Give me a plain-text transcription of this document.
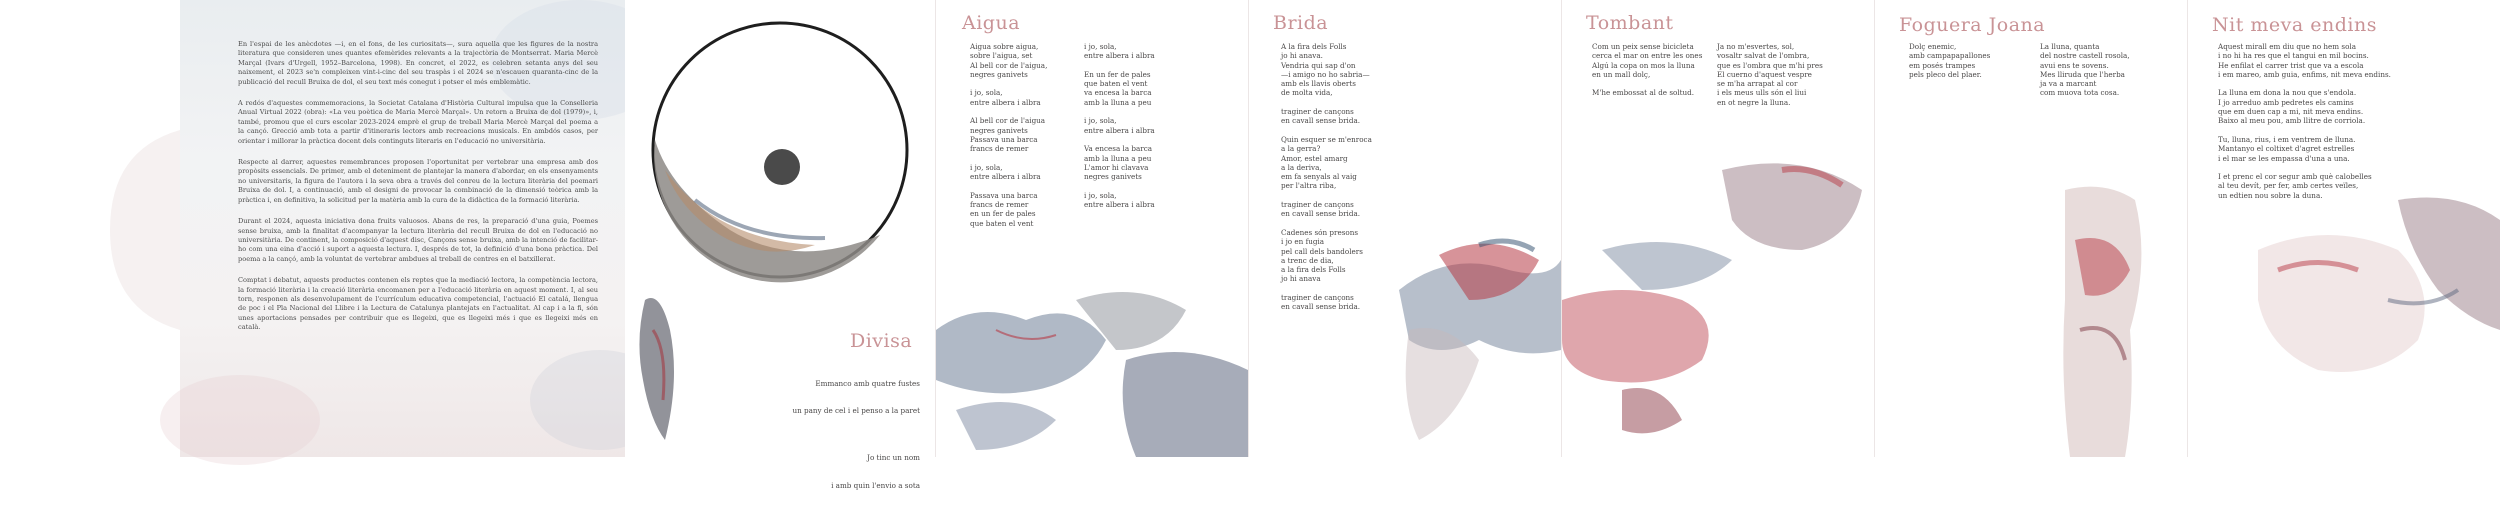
En l'espai de les anècdotes —i, en el fons, de les curiositats—, sura aquella que les figures de la nostra literatura que consideren unes quantes efemèrides relevants a la trajectòria de Montserrat. Maria Mercè Marçal (Ivars d'Urgell, 1952–Barcelona, 1998). En concret, el 2022, es celebren setanta anys del seu naixement, el 2023 se'n compleixen vint-i-cinc del seu traspàs i el 2024 se n'escauen quaranta-cinc de la publicació del recull Bruixa de dol, el seu text més conegut i potser el més emblemàtic.

A redós d'aquestes commemoracions, la Societat Catalana d'Història Cultural impulsa que la Conselleria Anual Virtual 2022 (obra): «La veu poètica de Maria Mercè Marçal». Un retorn a Bruixa de dol (1979)», i, també, promou que el curs escolar 2023-2024 emprè el grup de treball Maria Mercè Marçal del poema a la cançó. Grecció amb tota a partir d'itineraris lectors amb recreacions musicals. En ambdós casos, per orientar i millorar la pràctica docent dels continguts literaris en l'educació no universitària.

Respecte al darrer, aquestes remembrances proposen l'oportunitat per vertebrar una empresa amb dos propòsits essencials. De primer, amb el deteniment de plantejar la manera d'abordar, en els ensenyaments no universitaris, la figura de l'autora i la seva obra a través del conreu de la lectura literària del poemari Bruixa de dol. I, a continuació, amb el designi de provocar la combinació de la dimensió teòrica amb la pràctica i, en definitiva, la solicitud per la matèria amb la cura de la didàctica de la formació literària.

Durant el 2024, aquesta iniciativa dona fruits valuosos. Abans de res, la preparació d'una guia, Poemes sense bruixa, amb la finalitat d'acompanyar la lectura literària del recull Bruixa de dol en l'educació no universitària. De continent, la composició d'aquest disc, Cançons sense bruixa, amb la intenció de facilitar-ho com una eina d'acció i suport a aquesta lectura. I, després de tot, la definició d'una bona pràctica. Del poema a la cançó, amb la voluntat de vertebrar ambdues al treball de centres en el batxillerat.

Comptat i debatut, aquests productes contenen els reptes que la mediació lectora, la competència lectora, la formació literària i la creació literària encomanen per a l'educació literària en aquest moment. I, al seu torn, responen als desenvolupament de l'currículum educativa competencial, l'actuació El catalá, llengua de poc i el Pla Nacional del Llibre i la Lectura de Catalunya plantejats en l'actualitat. Al cap i a la fi, són unes aportacions pensades per contribuir que es llegeixi, que es llegeixi més i que es llegeixi més en català.

Divisa

Emmanco amb quatre fustes

un pany de cel i el penso a la paret

Jo tinc un nom

i amb quin l'envio a sota

Aigua
Aigua sobre aigua,
sobre l'aigua, set
Al bell cor de l'aigua,
negres ganivets

i jo, sola,
entre albera i albra

Al bell cor de l'aigua
negres ganivets
Passava una barca
francs de remer

i jo, sola,
entre albera i albra

Passava una barca
francs de remer
en un fer de pales
que baten el vent
i jo, sola,
entre albera i albra

En un fer de pales
que baten el vent
va encesa la barca
amb la lluna a peu

i jo, sola,
entre albera i albra

Va encesa la barca
amb la lluna a peu
L'amor hi clavava
negres ganivets

i jo, sola,
entre albera i albra
Brida
A la fira dels Folls
jo hi anava.
Vendria qui sap d'on
—i amigo no ho sabria—
amb els llavis oberts
de molta vida,

traginer de cançons
en cavall sense brida.

Quin esquer se m'enroca
a la gerra?
Amor, estel amarg
a la deriva,
em fa senyals al vaig
per l'altra riba,

traginer de cançons
en cavall sense brida.

Cadenes són presons
i jo en fugia
pel call dels bandolers
a trenc de dia,
a la fira dels Folls
jo hi anava

traginer de cançons
en cavall sense brida.
Tombant
Com un peix sense bicicleta
cerca el mar on entre les ones
Algú la copa on mos la lluna
en un mall dolç,

M'he embossat al de soltud.
Ja no m'esvertes, sol,
vosaltr salvat de l'ombra,
que es l'ombra que m'hi pres
El cuerno d'aquest vespre
se m'ha arrapat al cor
i els meus ulls són el liui
en ot negre la lluna.
Foguera Joana
Dolç enemic,
amb campapapallones
em posés trampes
pels pleco del plaer.
La lluna, quanta
del nostre castell rosola,
avui ens te sovens.
Mes lliruda que l'herba
ja va a marcant
com muova tota cosa.
Nit meva endins
Aquest mirall em diu que no hem sola
i no hi ha res que el tangui en mil bocins.
He enfilat el carrer trist que va a escola
i em mareo, amb guia, enfims, nit meva endins.

La lluna em dona la nou que s'endola.
I jo arreduo amb pedretes els camins
que em duen cap a mi, nit meva endins.
Baixo al meu pou, amb llitre de corriola.

Tu, lluna, rius, i em ventrem de lluna.
Mantanyo el coltixet d'agret estrelles
i el mar se les empassa d'una a una.

I et prenc el cor segur amb què calobelles
al teu devít, per fer, amb certes veïles,
un edtien nou sobre la duna.
